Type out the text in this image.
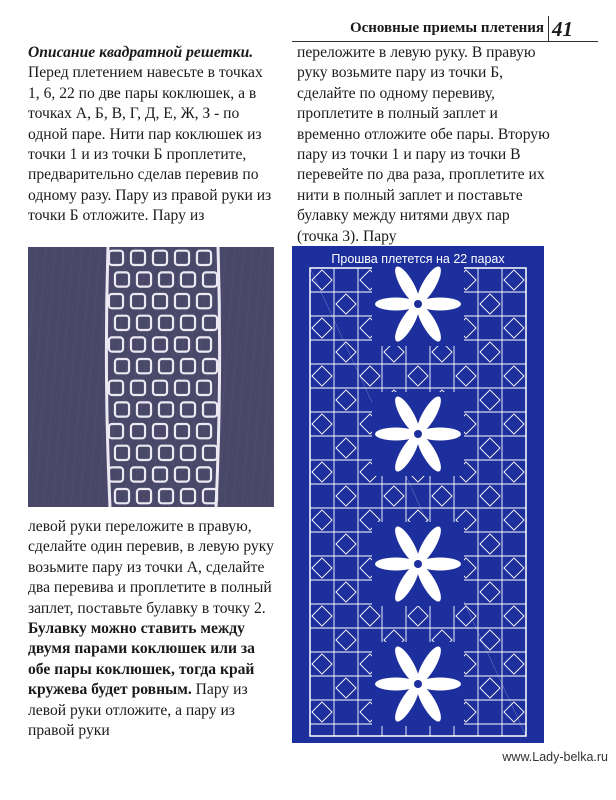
Основные приемы плетения 41

Описание квадратной решетки. Перед плетением навесьте в точках 1, 6, 22 по две пары коклюшек, а в точках А, Б, В, Г, Д, Е, Ж, З - по одной паре. Нити пар коклюшек из точки 1 и из точки Б проплетите, предварительно сделав перевив по одному разу. Пару из правой руки из точки Б отложите. Пару из

переложите в левую руку. В правую руку возьмите пару из точки Б, сделайте по одному перевиву, проплетите в полный заплет и временно отложите обе пары. Вторую пару из точки 1 и пару из точки В перевейте по два раза, проплетите их нити в полный заплет и поставьте булавку между нитями двух пар (точка 3). Пару

левой руки переложите в правую, сделайте один перевив, в левую руку возьмите пару из точки А, сделайте два перевива и проплетите в полный заплет, поставьте булавку в точку 2. Булавку можно ставить между двумя парами коклюшек или за обе пары коклюшек, тогда край кружева будет ровным. Пару из левой руки отложите, а пару из правой руки

Прошва плетется на 22 парах
www.Lady-belka.ru
